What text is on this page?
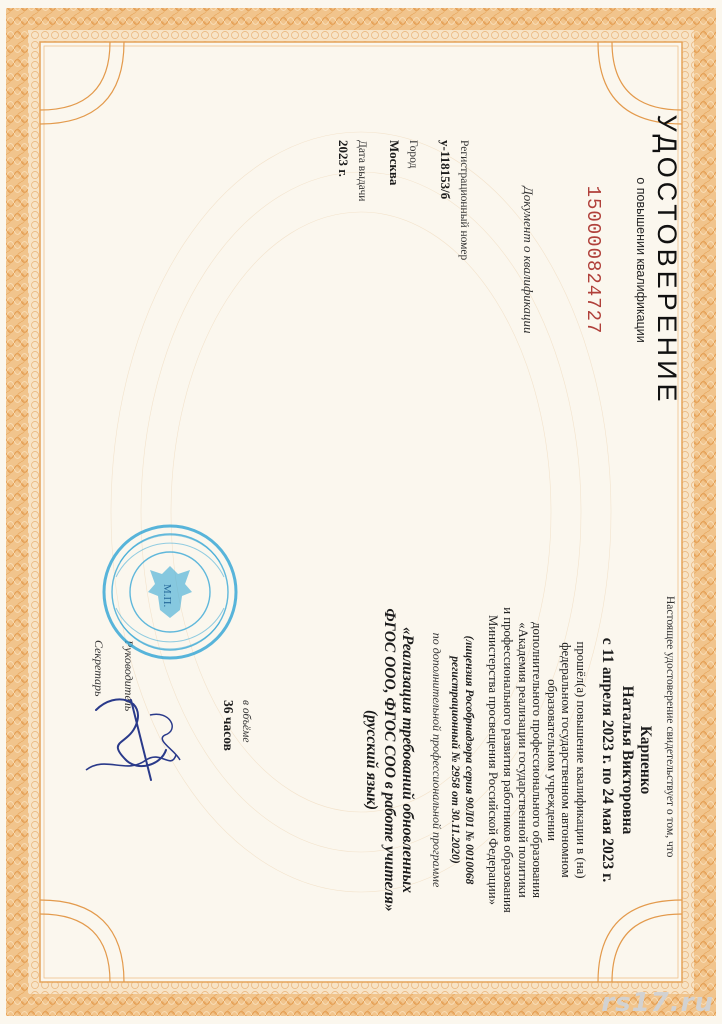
УДОСТОВЕРЕНИЕ
о повышении квалификации
150000824727
Документ о квалификации
Регистрационный номер
у-118153/б
Город
Москва
Дата выдачи
2023 г.
Настоящее удостоверение свидетельствует о том, что
Карпенко
Наталья Викторовна
с 11 апреля 2023 г. по 24 мая 2023 г.
прошёл(а) повышение квалификации в (на)
федеральном государственном автономном
образовательном учреждении
дополнительного профессионального образования
«Академия реализации государственной политики
и профессионального развития работников образования
Министерства просвещения Российской Федерации»
(лицензия Рособрнадзора серия 90Л01 № 0010068
регистрационный № 2958 от 30.11.2020)
по дополнительной профессиональной программе
«Реализация требований обновленных
ФГОС ООО, ФГОС СОО в работе учителя»
(русский язык)
в объёме
36 часов
Руководитель
Секретарь
М.П.
rs17.ru
